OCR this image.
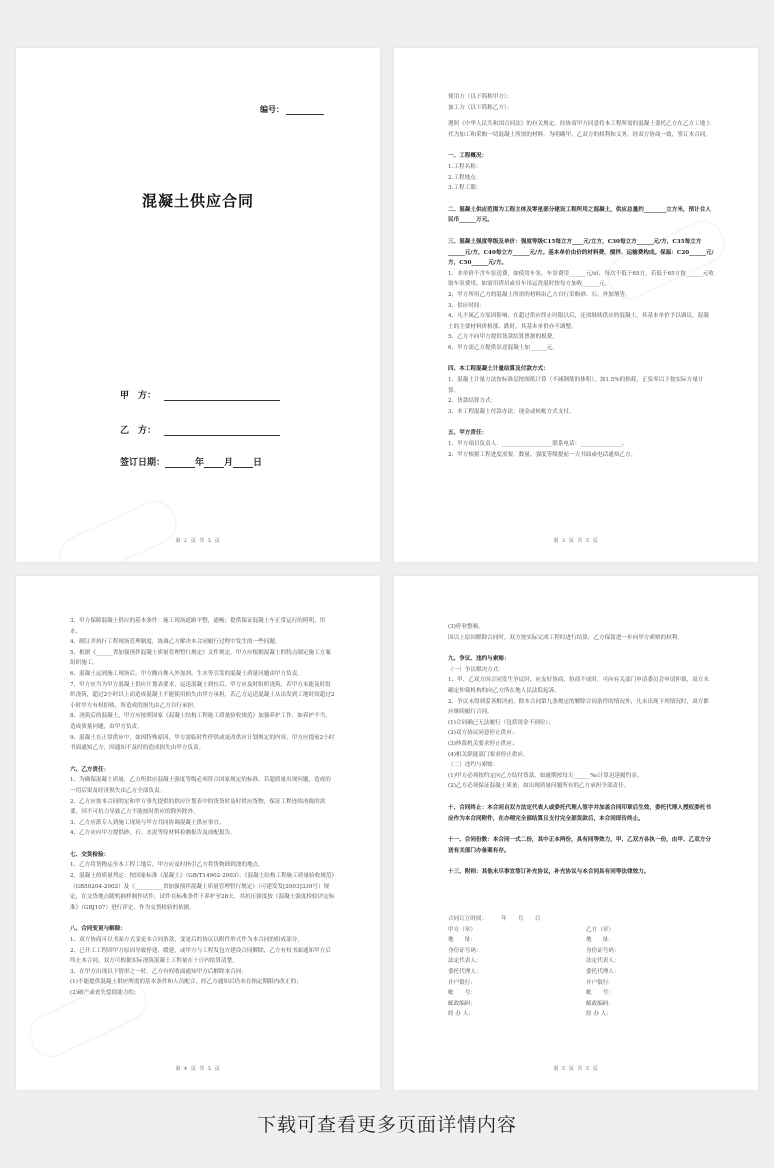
编号：
混凝土供应合同
甲　方：
乙　方：
签订日期：	年 月 日
第 2 页 共 5 页

使用方（以下简称甲方）：

加工方（以下简称乙方）：

遵照《中华人民共和国合同法》的有关规定，经协商甲方同意将本工程所需的混凝土委托乙方在乙方工地上代为加工和采购一切混凝土所需的材料。为明确甲、乙双方的权利和义务，经双方协商一致，签订本合同。

一、工程概况：

1.工程名称：

2.工程地点：

3.工程工期：

二、混凝土供应范围为工程主体及零星部分建设工程所用之混凝土，供应总量约________立方米，预计合人民币______万元。

三、混凝土强度等级及单价：强度等级C15每立方____元/立方，C30每立方______元/方，C35每立方______元/方，C40每立方______元/方。基本单价由价的材料费、搅拌、运输费构成。保温：C20______元/方，C50______元/方。

1、本单价不含车泵送费，如使用车泵，车泵费用______元/㎡，每次不低于65方，若低于65方按______元收取车泵费用，如需用塔吊或吊车吊运洗混时按每方加收______元。

2、甲方所用乙方的混凝土所需的材料由乙方自行采购砂、石、外加剂等。

3、供应时间：

4、凡不属乙方原因影响，在超过供应终止时限以后，还需继续供应的混凝土，其基本单价予以调议。混凝土的主要材料价格涨、跌时，其基本单价亦不调整。

5、乙方不向甲方提供货款结算票据的税费。

6、甲方需乙方提供泵送混凝土加______元。

四、本工程混凝土计量结算及付款方式：

1、混凝土计量方法按标准层按图纸计算（不减钢筋的体积），加1.5%的损耗，正负零以下按实际方量计算。

2、货款结算方式：

3、本工程混凝土付款办法：现金或转帐方式支付。

五、甲方责任：

1、甲方项目负责人：__________________联系电话：_______________。

2、甲方根据工程进度需要，数量、强度等级提前一天书面或电话通知乙方。

第 3 页 共 5 页

3、甲方保障混凝土供应的基本条件：施工现场道路平整，通畅；提供保证混凝土车正常运行的照明，用水。

4、制订并执行工程现场管理制度，协调乙方解决本合同履行过程中发生的一些问题。

5、根据《______省加强预拌混凝土质量管理暂行规定》文件规定，甲方应根据混凝土的特点制定施工方案组织施工。

6、混凝土运到施工现场后，甲方搬自搀入外加剂、生水等引发的混凝土质量问题由甲方负责。

7、甲方应当为甲方混凝土供应计划表要求，运送混凝土到位后，甲方应及时组织浇筑，若甲方未能及时组织浇筑，超过2小时以上而造成混凝土不能使用损失由甲方承担，若乙方运送混凝土从出发到工地时间超过2小时甲方有权拒收，所造成的损失由乙方自行承担。

8、浇筑后的混凝土，甲方应按照国家《混凝土结构工程施工质量验收规范》加强养护工作，如养护不当，造成质量问题，由甲方负责。

9、混凝土在正常供应中，如因特殊原因，甲方需临时性停供或更改供应计划规定的内容，甲方应提前2小时书面通知乙方，因通知不及时的造成损失由甲方负责。

六、乙方责任：

1、为确保混凝土质量，乙方所供应混凝土强度等级必须符合国家规定的标准，若超质量出现问题，造成的一切后果及经济损失由乙方全部负责。

2、乙方应按本合同的定和甲方事先提供的供应计划表中的货货时及时供应货物，保证工程连续浇捣的需要，因不可抗力导致乙方不能按时供应的除外除外。

3、乙方应派专人到施工现场与甲方共同协调混凝土供应事宜。

4、乙方应向甲方提供砂、石、水泥等原材料检测报告及成配报告。

七、交货检验：

1、乙方将货物运至本工程工地后，甲方应及时指引乙方将货物卸到浇的地点。

2、混凝土的质量判定：按国家标准《混凝土》（GB/T14902-2003）、《混凝土结构工程施工质量验收规范》（GB50204-2002）及《__________省加强预拌混凝土质量管理暂行规定》（可建发发[2003]339号）规定，在交货地点随机抽样制作试件，试件在标准条件下养护至28天，其抗压强度按《混凝土强度检验评定标准》（GBJ107）进行评定，作为交货检验的依据。

八、合同变更与解除：

1、双方协商可以书面方式变更本合同条款，变更后的协议以附件形式作为本合同的组成部分。

2、已开工工程因甲方原因导致停建、缓建，或甲方与工程发包方建设合同解除，乙方有权书面通知甲方后终止本合同，双方可根据实际浇筑混凝土工程量在十日内结算清楚。

3、在甲方出现以下情形之一时，乙方有权收面通知甲方后解除本合同：

(1)不能提供混凝土供应所需的基本条件和人员配合，经乙方通知后仍未在指定期限内改正的；

(2)破产或丧失偿债能力的；

第 4 页 共 5 页

(3)停业整顿。

因以上原因解除合同时，双方按实际完成工程时进行结算，乙方保留进一步向甲方索赔的权利。

九、争议、违约与索赔：

（一）争议解决方式：

1、甲、乙双方因合同发生争议时，应友好协商，协商不成时，可向有关部门申请委员会申请仲裁，双方未确定仲裁机构的向乙方所在地人民法院起诉。

2、争议未得到妥善解决前，除本合同第九条规定的解除合同条件的情况外，凡未出现下列情况时，双方都应继续履行合同。

(1)合同确已无法履行（包括资金不到位）；

(2)双方协议同意停止供应；

(3)仲裁机关要求停止供应；

(4)相关职能部门要求停止供应。

（二）违约与索赔：

(1)甲方必须按约定向乙方结付货款，如逾期按每天______‰计算迟延履约金。

(2)乙方必须保证混凝土质量，如出现质量问题所有的乙方承担全部责任。

十、合同终止：本合同自双方法定代表人或委托代理人签字并加盖合同印章后生效，委托代理人授权委托书应作为本合同附件，在办理完全部结算且支付完全部货款后，本合同即告终止。

十一、合同份数：本合同一式二份，其中正本两份，具有同等效力，甲、乙双方各执一份，由甲、乙双方分送有关部门办备案有存。

十三、附则：其他未尽事宜签订补充协议，补充协议与本合同具有同等法律效力。

合同订立时间：　　　年　　月　　日

甲方（章）	乙方（章）

地　　址：	地　　址：

身份证号码：	身份证号码：

法定代表人：	法定代表人：

委托代理人：	委托代理人：

开户银行：	开户银行：

帐　　号：	帐　　号：

邮政编码：	邮政编码：

经 办 人：	经 办 人：

第 5 页 共 5 页
下载可查看更多页面详情内容
